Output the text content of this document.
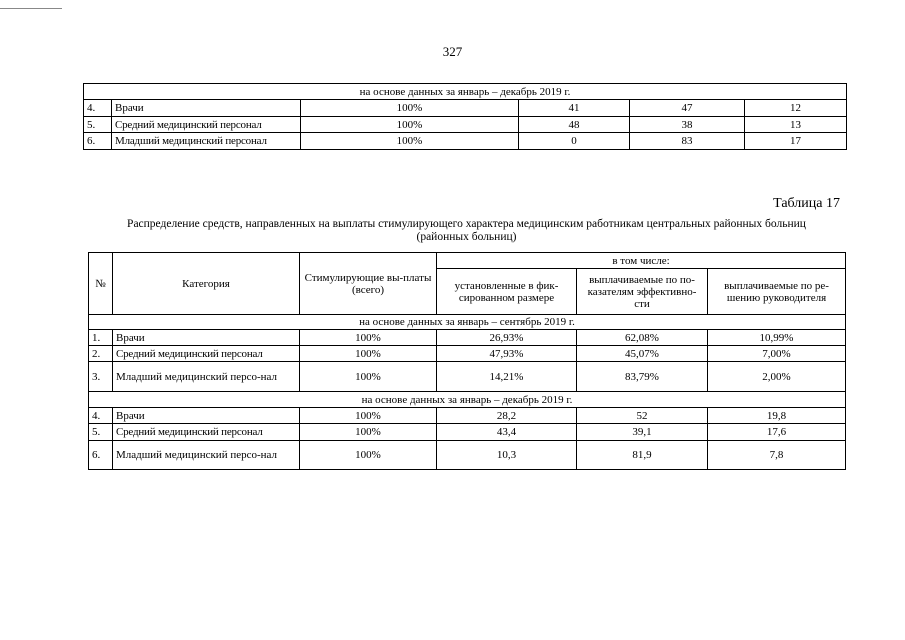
327
на основе данных за январь – декабрь 2019 г.					
4.	Врачи	100%	41	47	12
5.	Средний медицинский персонал	100%	48	38	13
6.	Младший медицинский персонал	100%	0	83	17
Таблица 17
Распределение средств, направленных на выплаты стимулирующего характера медицинским работникам центральных районных больниц
(районных больниц)
№	Категория	Стимулирующие вы-платы (всего)	в том числе:		
			установленные в фик-сированном размере	выплачиваемые по по-казателям эффективно-сти	выплачиваемые по ре-шению руководителя
на основе данных за январь – сентябрь 2019 г.					
1.	Врачи	100%	26,93%	62,08%	10,99%
2.	Средний медицинский персонал	100%	47,93%	45,07%	7,00%
3.	Младший медицинский персо-нал	100%	14,21%	83,79%	2,00%
на основе данных за январь – декабрь 2019 г.					
4.	Врачи	100%	28,2	52	19,8
5.	Средний медицинский персонал	100%	43,4	39,1	17,6
6.	Младший медицинский персо-нал	100%	10,3	81,9	7,8
